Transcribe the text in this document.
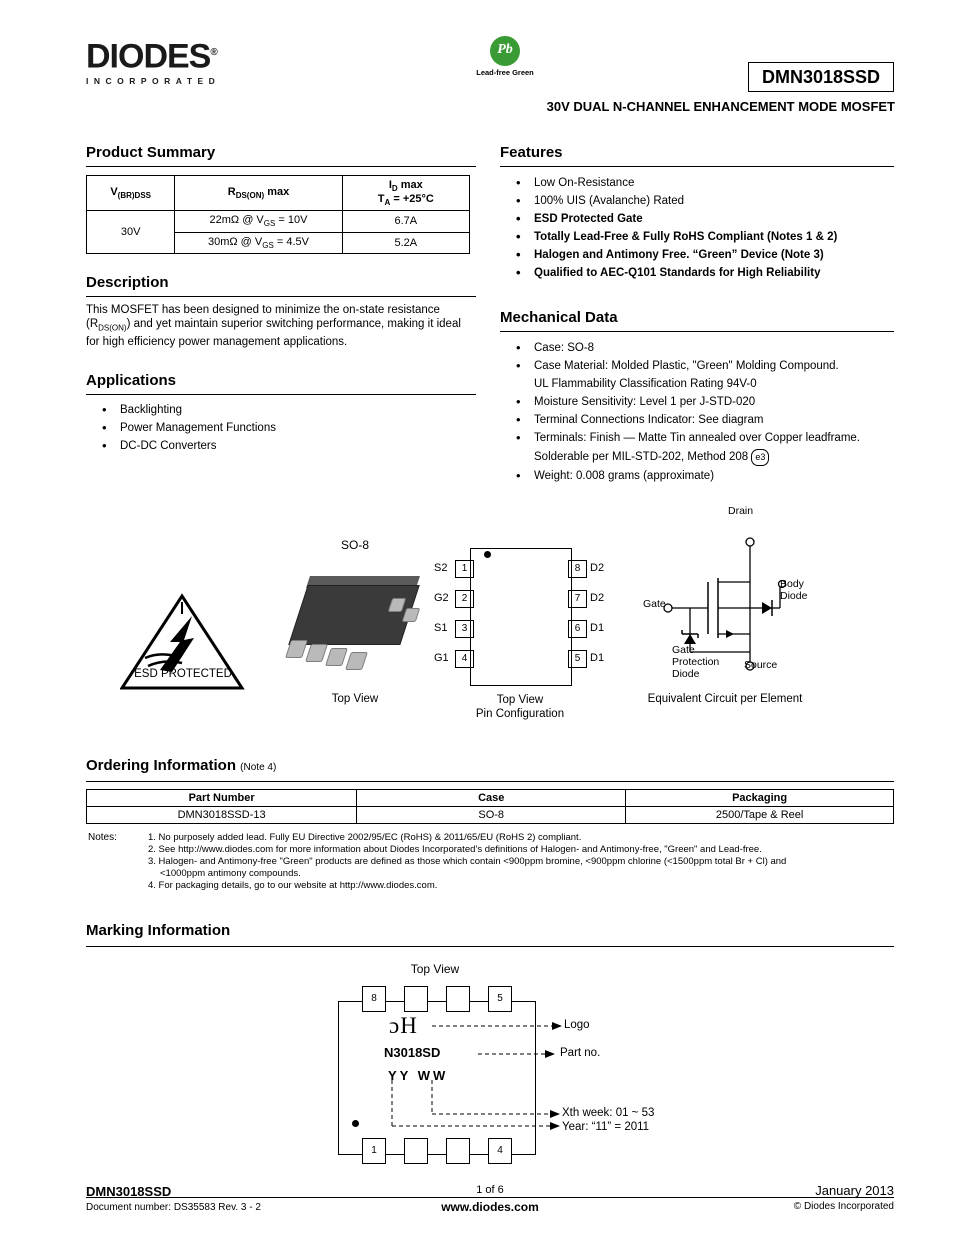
DIODES®
INCORPORATED
Pb
Lead-free Green	DMN3018SSD
30V DUAL N-CHANNEL ENHANCEMENT MODE MOSFET
Product Summary
$V_{(BR)DSS}$	$R_{DS(ON)}$ max	$I_D$ max
$T_A = +25^\circ C$
30V	22mΩ @ $V_{GS} = 10V$	6.7A
	30mΩ @ $V_{GS} = 4.5V$	5.2A
Description
This MOSFET has been designed to minimize the on-state resistance $(R_{DS(ON)})$ and yet maintain superior switching performance, making it ideal for high efficiency power management applications.
Applications
• Backlighting
• Power Management Functions
• DC-DC Converters
Features
• Low On-Resistance
• 100% UIS (Avalanche) Rated
• ESD Protected Gate
• Totally Lead-Free & Fully RoHS Compliant (Notes 1 & 2)
• Halogen and Antimony Free. “Green” Device (Note 3)
• Qualified to AEC-Q101 Standards for High Reliability
Mechanical Data
• Case: SO-8
• Case Material: Molded Plastic, "Green" Molding Compound.
UL Flammability Classification Rating 94V-0
• Moisture Sensitivity: Level 1 per J-STD-020
• Terminal Connections Indicator: See diagram
• Terminals: Finish — Matte Tin annealed over Copper leadframe.
Solderable per MIL-STD-202, Method 208 e3
• Weight: 0.008 grams (approximate)
ESD PROTECTED
SO-8
Top View
1
S2
2
G2
3
S1
4
G1
8 D2
7 D2
6 D1
5 D1
Top View
Pin Configuration
Drain
Gate
Body
Diode
Gate
Protection
Diode
Source
Equivalent Circuit per Element
Ordering Information (Note 4)
Part Number	Case	Packaging
DMN3018SSD-13	SO-8	2500/Tape & Reel
Notes:	1. No purposely added lead. Fully EU Directive 2002/95/EC (RoHS) & 2011/65/EU (RoHS 2) compliant.
2. See http://www.diodes.com for more information about Diodes Incorporated’s definitions of Halogen- and Antimony-free, "Green" and Lead-free.
3. Halogen- and Antimony-free "Green" products are defined as those which contain <900ppm bromine, <900ppm chlorine (<1500ppm total Br + Cl) and
<1000ppm antimony compounds.
4. For packaging details, go to our website at http://www.diodes.com.
Marking Information
Top View
8	5
1	4
ɔH
N3018SD
YY WW
Logo
Part no.
Xth week: 01 ~ 53
Year: “11” = 2011
DMN3018SSD
Document number: DS35583 Rev. 3 - 2
1 of 6
www.diodes.com
January 2013
© Diodes Incorporated
